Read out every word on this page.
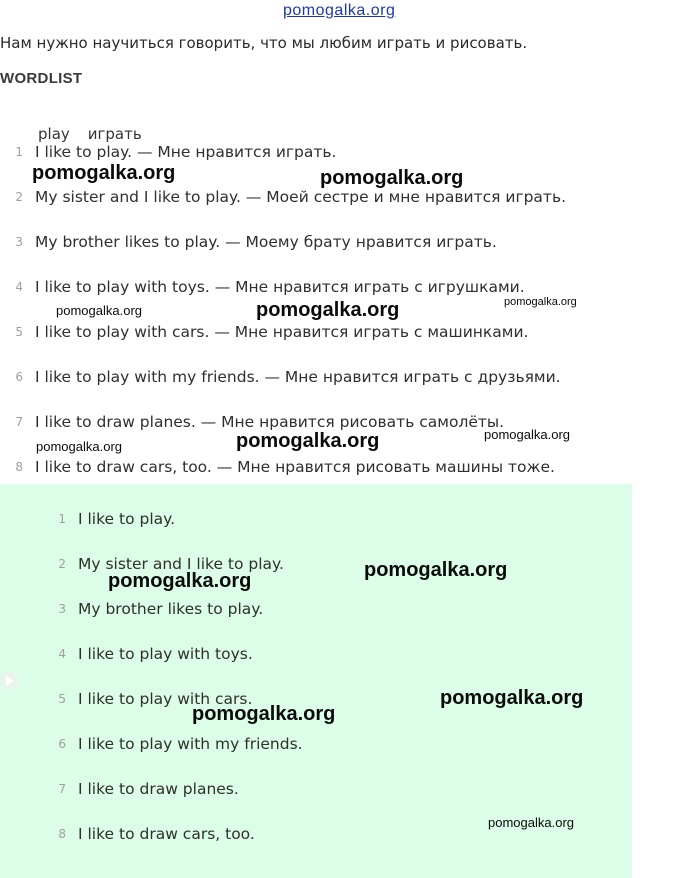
pomogalka.org
Нам нужно научиться говорить, что мы любим играть и рисовать.
WORDLIST
play играть
1 I like to play. — Мне нравится играть.
2 My sister and I like to play. — Моей сестре и мне нравится играть.
3 My brother likes to play. — Моему брату нравится играть.
4 I like to play with toys. — Мне нравится играть с игрушками.
5 I like to play with cars. — Мне нравится играть с машинками.
6 I like to play with my friends. — Мне нравится играть с друзьями.
7 I like to draw planes. — Мне нравится рисовать самолёты.
8 I like to draw cars, too. — Мне нравится рисовать машины тоже.
1 I like to play.
2 My sister and I like to play.
3 My brother likes to play.
4 I like to play with toys.
5 I like to play with cars.
6 I like to play with my friends.
7 I like to draw planes.
8 I like to draw cars, too.
pomogalka.org	pomogalka.org
pomogalka.org	pomogalka.org	pomogalka.org
pomogalka.org	pomogalka.org	pomogalka.org
pomogalka.org	pomogalka.org
pomogalka.org
pomogalka.org
pomogalka.org
